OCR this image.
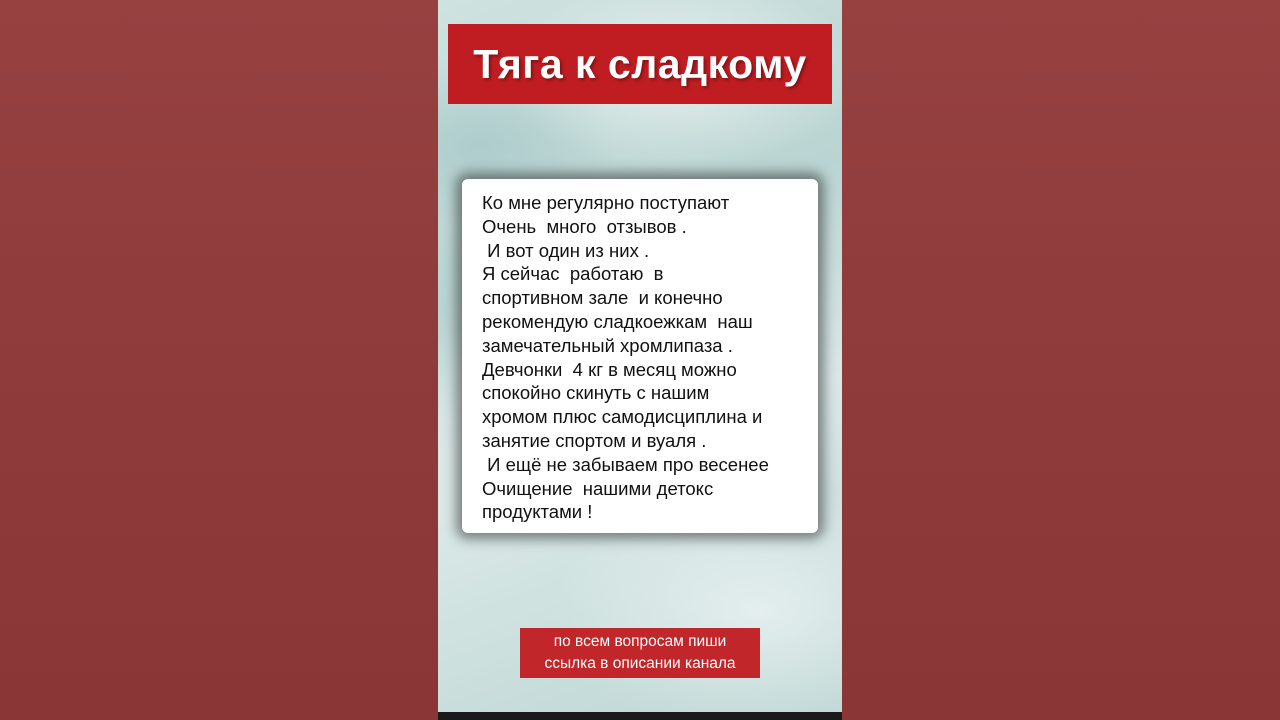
Тяга к сладкому
Ко мне регулярно поступают
Очень  много  отзывов .
И вот один из них .
Я сейчас  работаю  в
спортивном зале  и конечно
рекомендую сладкоежкам  наш
замечательный хромлипаза .
Девчонки  4 кг в месяц можно
спокойно скинуть с нашим
хромом плюс самодисциплина и
занятие спортом и вуаля .
И ещё не забываем про весенее
Очищение  нашими детокс
продуктами !
по всем вопросам пиши
ссылка в описании канала
